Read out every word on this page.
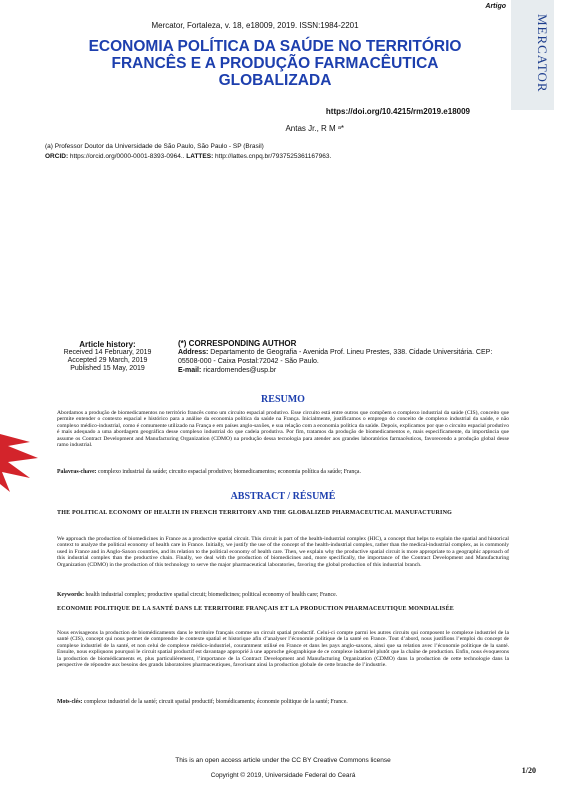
MERCATOR
Artigo
Mercator, Fortaleza, v. 18, e18009, 2019. ISSN:1984-2201
ECONOMIA POLÍTICA DA SAÚDE NO TERRITÓRIO FRANCÊS E A PRODUÇÃO FARMACÊUTICA GLOBALIZADA
https://doi.org/10.4215/rm2019.e18009
Antas Jr., R M ᵃ*
(a) Professor Doutor da Universidade de São Paulo, São Paulo - SP (Brasil)
ORCID: https://orcid.org/0000-0001-8393-0964.. LATTES: http://lattes.cnpq.br/7937525361167963.
Article history:
Received 14 February, 2019
Accepted 29 March, 2019
Published 15 May, 2019
(*) CORRESPONDING AUTHOR
Address: Departamento de Geografia - Avenida Prof. Lineu Prestes, 338. Cidade Universitária. CEP: 05508-000 - Caixa Postal:72042 - São Paulo.
E-mail: ricardomendes@usp.br
RESUMO
Abordamos a produção de biomedicamentos no território francês como um circuito espacial produtivo. Esse circuito está entre outros que compõem o complexo industrial da saúde (CIS), conceito que permite entender o contexto espacial e histórico para a análise da economia política da saúde na França. Inicialmente, justificamos o emprego do conceito de complexo industrial da saúde, e não complexo médico-industrial, como é comumente utilizado na França e em países anglo-saxões, e sua relação com a economia política da saúde. Depois, explicamos por que o circuito espacial produtivo é mais adequado a uma abordagem geográfica desse complexo industrial do que cadeia produtiva. Por fim, tratamos da produção de biomedicamentos e, mais especificamente, da importância que assume os Contract Development and Manufacturing Organization (CDMO) na produção dessa tecnologia para atender aos grandes laboratórios farmacêuticos, favorecendo a produção global desse ramo industrial.
Palavras-chave: complexo industrial da saúde; circuito espacial produtivo; biomedicamentos; economia política da saúde; França.
ABSTRACT / RÉSUMÉ
THE POLITICAL ECONOMY OF HEALTH IN FRENCH TERRITORY AND THE GLOBALIZED PHARMACEUTICAL MANUFACTURING
We approach the production of biomedicines in France as a productive spatial circuit. This circuit is part of the health-industrial complex (HIC), a concept that helps to explain the spatial and historical context to analyze the political economy of health care in France. Initially, we justify the use of the concept of the health-industrial complex, rather than the medical-industrial complex, as is commonly used in France and in Anglo-Saxon countries, and its relation to the political economy of health care. Then, we explain why the productive spatial circuit is more appropriate to a geographic approach of this industrial complex than the productive chain. Finally, we deal with the production of biomedicines and, more specifically, the importance of the Contract Development and Manufacturing Organization (CDMO) in the production of this technology to serve the major pharmaceutical laboratories, favoring the global production of this industrial branch.
Keywords: health industrial complex; productive spatial circuit; biomedicines; political economy of health care; France.
ECONOMIE POLITIQUE DE LA SANTÉ DANS LE TERRITOIRE FRANÇAIS ET LA PRODUCTION PHARMACEUTIQUE MONDIALISÉE
Nous envisageons la production de biomédicaments dans le territoire français comme un circuit spatial productif. Celui-ci compte parmi les autres circuits qui composent le complexe industriel de la santé (CIS), concept qui nous permet de comprendre le contexte spatial et historique afin d’analyser l’économie politique de la santé en France. Tout d’abord, nous justifions l’emploi du concept de complexe industriel de la santé, et non celui de complexe médico-industriel, couramment utilisé en France et dans les pays anglo-saxons, ainsi que sa relation avec l’économie politique de la santé. Ensuite, nous expliquons pourquoi le circuit spatial productif est davantage approprié à une approche géographique de ce complexe industriel plutôt que la chaîne de production. Enfin, nous évoquerons la production de biomédicaments et, plus particulièrement, l’importance de la Contract Development and Manufacturing Organization (CDMO) dans la production de cette technologie dans la perspective de répondre aux besoins des grands laboratoires pharmaceutiques, favorisant ainsi la production globale de cette branche de l’industrie.
Mots-clés: complexe industriel de la santé; circuit spatial productif; biomédicaments; économie politique de la santé; France.
This is an open access article under the CC BY Creative Commons license
1/20
Copyright © 2019, Universidade Federal do Ceará
